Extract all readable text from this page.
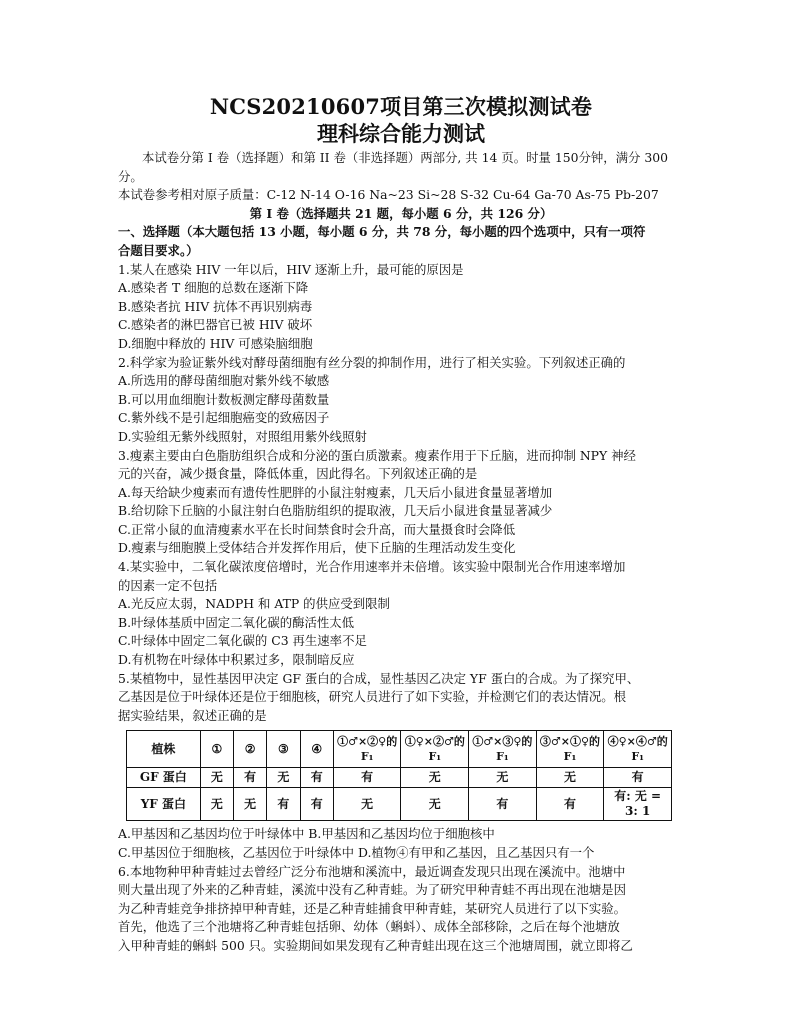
NCS20210607项目第三次模拟测试卷
理科综合能力测试

本试卷分第 I 卷（选择题）和第 II 卷（非选择题）两部分, 共 14 页。时量 150分钟，满分 300

分。

本试卷参考相对原子质量：C-12 N-14 O-16 Na~23 Si~28 S-32 Cu-64 Ga-70 As-75 Pb-207

第 I 卷（选择题共 21 题，每小题 6 分，共 126 分）

一、选择题（本大题包括 13 小题，每小题 6 分，共 78 分，每小题的四个选项中，只有一项符

合题目要求。）

1.某人在感染 HIV 一年以后，HIV 逐渐上升，最可能的原因是

A.感染者 T 细胞的总数在逐渐下降

B.感染者抗 HIV 抗体不再识别病毒

C.感染者的淋巴器官已被 HIV 破坏

D.细胞中释放的 HIV 可感染脑细胞

2.科学家为验证紫外线对酵母菌细胞有丝分裂的抑制作用，进行了相关实验。下列叙述正确的

A.所选用的酵母菌细胞对紫外线不敏感

B.可以用血细胞计数板测定酵母菌数量

C.紫外线不是引起细胞癌变的致癌因子

D.实验组无紫外线照射，对照组用紫外线照射

3.瘦素主要由白色脂肪组织合成和分泌的蛋白质激素。瘦素作用于下丘脑，进而抑制 NPY 神经

元的兴奋，减少摄食量，降低体重，因此得名。下列叙述正确的是

A.每天给缺少瘦素而有遗传性肥胖的小鼠注射瘦素，几天后小鼠进食量显著增加

B.给切除下丘脑的小鼠注射白色脂肪组织的提取液，几天后小鼠进食量显著减少

C.正常小鼠的血清瘦素水平在长时间禁食时会升高，而大量摄食时会降低

D.瘦素与细胞膜上受体结合并发挥作用后，使下丘脑的生理活动发生变化

4.某实验中，二氧化碳浓度倍增时，光合作用速率并未倍增。该实验中限制光合作用速率增加

的因素一定不包括

A.光反应太弱，NADPH 和 ATP 的供应受到限制

B.叶绿体基质中固定二氧化碳的酶活性太低

C.叶绿体中固定二氧化碳的 C3 再生速率不足

D.有机物在叶绿体中积累过多，限制暗反应

5.某植物中，显性基因甲决定 GF 蛋白的合成，显性基因乙决定 YF 蛋白的合成。为了探究甲、

乙基因是位于叶绿体还是位于细胞核，研究人员进行了如下实验，并检测它们的表达情况。根

据实验结果，叙述正确的是

植株	①	②	③	④	①♂×②♀的 F₁	①♀×②♂的 F₁	①♂×③♀的 F₁	③♂×①♀的 F₁	④♀×④♂的 F₁
GF 蛋白	无	有	无	有	有	无	无	无	有
YF 蛋白	无	无	有	有	无	无	有	有	有: 无 = 3: 1

A.甲基因和乙基因均位于叶绿体中 B.甲基因和乙基因均位于细胞核中

C.甲基因位于细胞核，乙基因位于叶绿体中 D.植物④有甲和乙基因，且乙基因只有一个

6.本地物种甲种青蛙过去曾经广泛分布池塘和溪流中，最近调查发现只出现在溪流中。池塘中

则大量出现了外来的乙种青蛙，溪流中没有乙种青蛙。为了研究甲种青蛙不再出现在池塘是因

为乙种青蛙竞争排挤掉甲种青蛙，还是乙种青蛙捕食甲种青蛙，某研究人员进行了以下实验。

首先，他选了三个池塘将乙种青蛙包括卵、幼体（蝌蚪）、成体全部移除，之后在每个池塘放

入甲种青蛙的蝌蚪 500 只。实验期间如果发现有乙种青蛙出现在这三个池塘周围，就立即将乙
